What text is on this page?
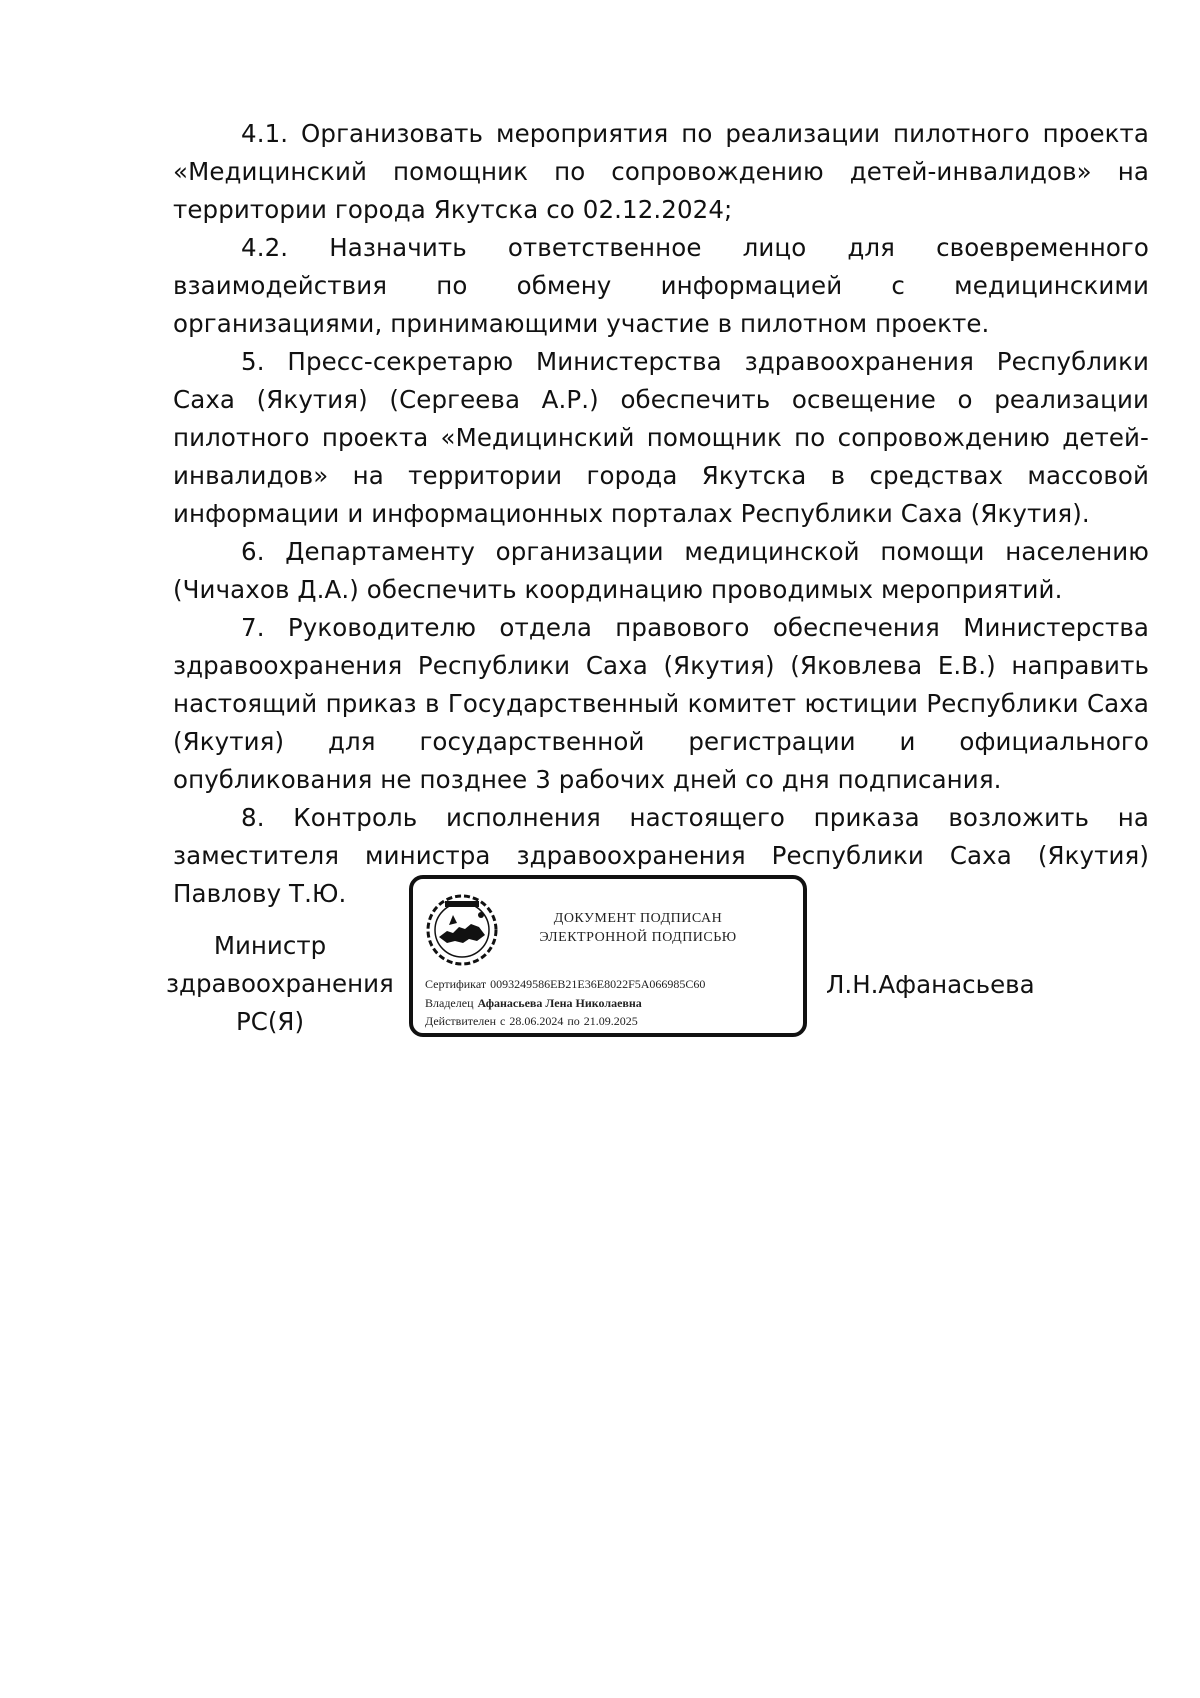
4.1. Организовать мероприятия по реализации пилотного проекта «Медицинский помощник по сопровождению детей-инвалидов» на территории города Якутска со 02.12.2024;

4.2. Назначить ответственное лицо для своевременного взаимодействия по обмену информацией с медицинскими организациями, принимающими участие в пилотном проекте.

5. Пресс-секретарю Министерства здравоохранения Республики Саха (Якутия) (Сергеева А.Р.) обеспечить освещение о реализации пилотного проекта «Медицинский помощник по сопровождению детей-инвалидов» на территории города Якутска в средствах массовой информации и информационных порталах Республики Саха (Якутия).

6. Департаменту организации медицинской помощи населению (Чичахов Д.А.) обеспечить координацию проводимых мероприятий.

7. Руководителю отдела правового обеспечения Министерства здравоохранения Республики Саха (Якутия) (Яковлева Е.В.) направить настоящий приказ в Государственный комитет юстиции Республики Саха (Якутия) для государственной регистрации и официального опубликования не позднее 3 рабочих дней со дня подписания.

8. Контроль исполнения настоящего приказа возложить на заместителя министра здравоохранения Республики Саха (Якутия) Павлову Т.Ю.

Министр
здравоохранения
РС(Я)
ДОКУМЕНТ ПОДПИСАН
ЭЛЕКТРОННОЙ ПОДПИСЬЮ
Сертификат 0093249586EB21E36E8022F5A066985C60
Владелец Афанасьева Лена Николаевна
Действителен с 28.06.2024 по 21.09.2025
Л.Н.Афанасьева
